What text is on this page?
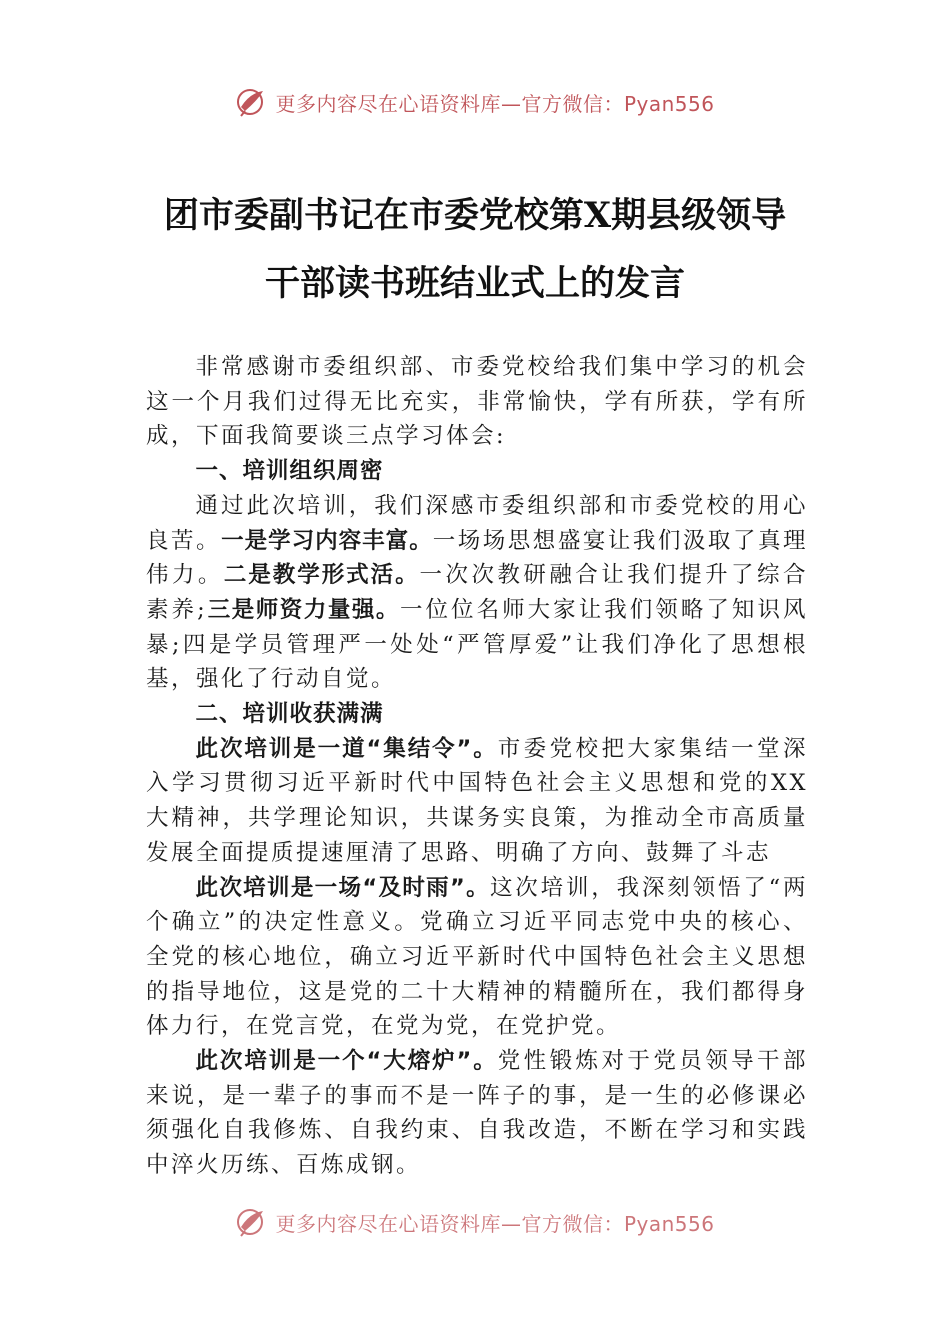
更多内容尽在心语资料库—官方微信：Pyan556
团市委副书记在市委党校第X期县级领导
干部读书班结业式上的发言

非常感谢市委组织部、市委党校给我们集中学习的机会这一个月我们过得无比充实，非常愉快，学有所获，学有所成，下面我简要谈三点学习体会:

一、培训组织周密

通过此次培训，我们深感市委组织部和市委党校的用心良苦。一是学习内容丰富。一场场思想盛宴让我们汲取了真理伟力。二是教学形式活。一次次教研融合让我们提升了综合素养;三是师资力量强。一位位名师大家让我们领略了知识风暴;四是学员管理严一处处“严管厚爱”让我们净化了思想根基，强化了行动自觉。

二、培训收获满满

此次培训是一道“集结令”。市委党校把大家集结一堂深入学习贯彻习近平新时代中国特色社会主义思想和党的XX大精神，共学理论知识，共谋务实良策，为推动全市高质量发展全面提质提速厘清了思路、明确了方向、鼓舞了斗志

此次培训是一场“及时雨”。这次培训，我深刻领悟了“两个确立”的决定性意义。党确立习近平同志党中央的核心、全党的核心地位，确立习近平新时代中国特色社会主义思想的指导地位，这是党的二十大精神的精髓所在，我们都得身体力行，在党言党，在党为党，在党护党。

此次培训是一个“大熔炉”。党性锻炼对于党员领导干部来说，是一辈子的事而不是一阵子的事，是一生的必修课必须强化自我修炼、自我约束、自我改造，不断在学习和实践中淬火历练、百炼成钢。

更多内容尽在心语资料库—官方微信：Pyan556
